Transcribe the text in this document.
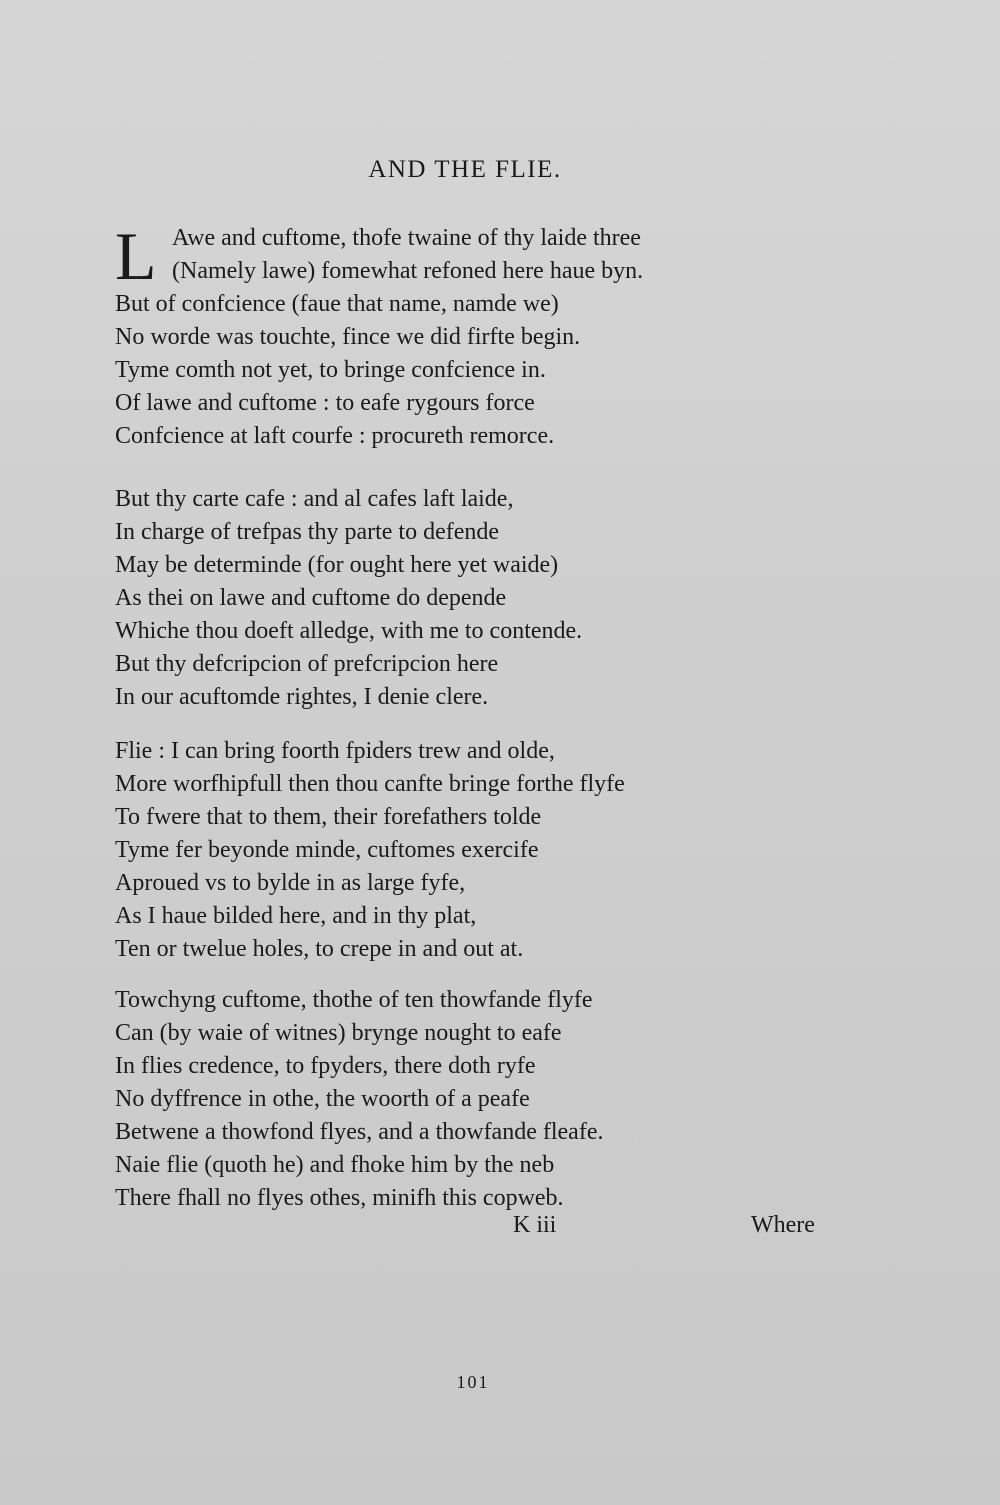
AND THE FLIE.
L Awe and cuftome, thofe twaine of thy laide three
(Namely lawe) fomewhat refoned here haue byn.
But of confcience (faue that name, namde we)
No worde was touchte, fince we did firfte begin.
Tyme comth not yet, to bringe confcience in.
Of lawe and cuftome : to eafe rygours force
Confcience at laft courfe : procureth remorce.
But thy carte cafe : and al cafes laft laide,
In charge of trefpas thy parte to defende
May be determinde (for ought here yet waide)
As thei on lawe and cuftome do depende
Whiche thou doeft alledge, with me to contende.
But thy defcripcion of prefcripcion here
In our acuftomde rightes, I denie clere.
Flie : I can bring foorth fpiders trew and olde,
More worfhipfull then thou canfte bringe forthe flyfe
To fwere that to them, their forefathers tolde
Tyme fer beyonde minde, cuftomes exercife
Aproued vs to bylde in as large fyfe,
As I haue bilded here, and in thy plat,
Ten or twelue holes, to crepe in and out at.
Towchyng cuftome, thothe of ten thowfande flyfe
Can (by waie of witnes) brynge nought to eafe
In flies credence, to fpyders, there doth ryfe
No dyffrence in othe, the woorth of a peafe
Betwene a thowfond flyes, and a thowfande fleafe.
Naie flie (quoth he) and fhoke him by the neb
There fhall no flyes othes, minifh this copweb.
K iii	Where
101
